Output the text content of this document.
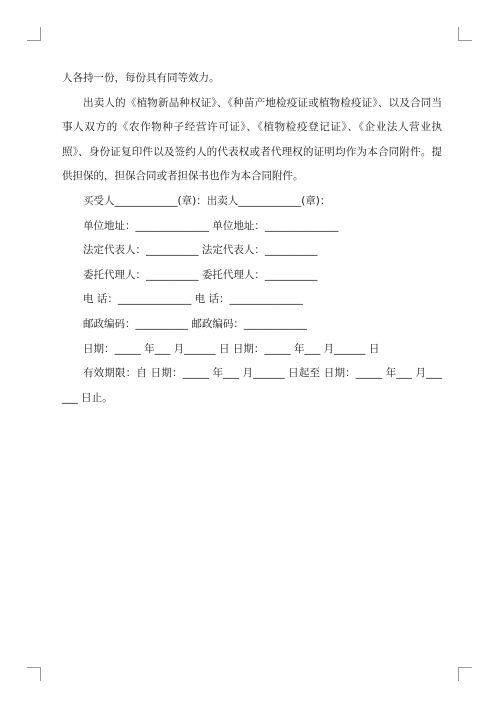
人各持一份，每份具有同等效力。

出卖人的《植物新品种权证》、《种苗产地检疫证或植物检疫证》、以及合同当事人双方的《农作物种子经营许可证》、《植物检疫登记证》、《企业法人营业执照》、身份证复印件以及签约人的代表权或者代理权的证明均作为本合同附件。提供担保的，担保合同或者担保书也作为本合同附件。

买受人____________(章)：出卖人____________(章)：

单位地址：______________ 单位地址：______________

法定代表人：__________ 法定代表人：__________

委托代理人：__________ 委托代理人：__________

电 话：______________ 电 话：______________

邮政编码：__________ 邮政编码：____________

日期：_____ 年___ 月______ 日 日期：_____ 年___ 月______ 日

有效期限：自 日期：_____ 年___ 月______ 日起至 日期：_____ 年___ 月______ 日止。
